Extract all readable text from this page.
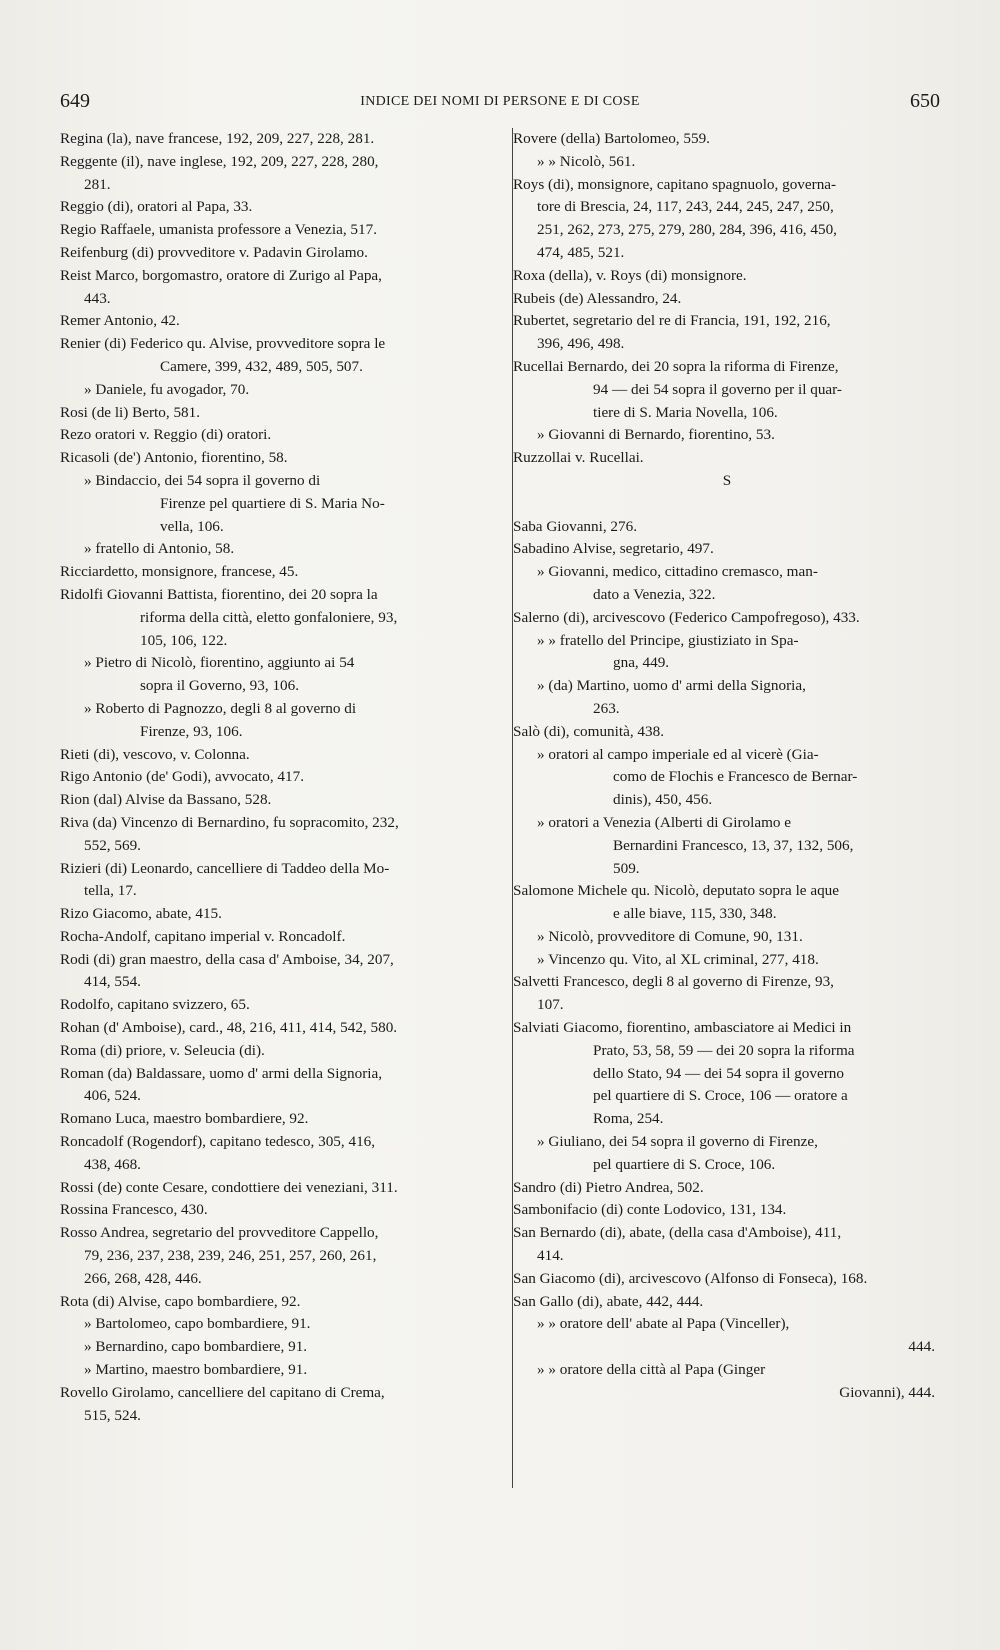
649	INDICE DEI NOMI DI PERSONE E DI COSE	650
Regina (la), nave francese, 192, 209, 227, 228, 281.
Reggente (il), nave inglese, 192, 209, 227, 228, 280,
281.
Reggio (di), oratori al Papa, 33.
Regio Raffaele, umanista professore a Venezia, 517.
Reifenburg (di) provveditore v. Padavin Girolamo.
Reist Marco, borgomastro, oratore di Zurigo al Papa,
443.
Remer Antonio, 42.
Renier (di) Federico qu. Alvise, provveditore sopra le
Camere, 399, 432, 489, 505, 507.
» Daniele, fu avogador, 70.
Rosi (de li) Berto, 581.
Rezo oratori v. Reggio (di) oratori.
Ricasoli (de') Antonio, fiorentino, 58.
» Bindaccio, dei 54 sopra il governo di
Firenze pel quartiere di S. Maria No-
vella, 106.
» fratello di Antonio, 58.
Ricciardetto, monsignore, francese, 45.
Ridolfi Giovanni Battista, fiorentino, dei 20 sopra la
riforma della città, eletto gonfaloniere, 93,
105, 106, 122.
» Pietro di Nicolò, fiorentino, aggiunto ai 54
sopra il Governo, 93, 106.
» Roberto di Pagnozzo, degli 8 al governo di
Firenze, 93, 106.
Rieti (di), vescovo, v. Colonna.
Rigo Antonio (de' Godi), avvocato, 417.
Rion (dal) Alvise da Bassano, 528.
Riva (da) Vincenzo di Bernardino, fu sopracomito, 232,
552, 569.
Rizieri (di) Leonardo, cancelliere di Taddeo della Mo-
tella, 17.
Rizo Giacomo, abate, 415.
Rocha-Andolf, capitano imperial v. Roncadolf.
Rodi (di) gran maestro, della casa d' Amboise, 34, 207,
414, 554.
Rodolfo, capitano svizzero, 65.
Rohan (d' Amboise), card., 48, 216, 411, 414, 542, 580.
Roma (di) priore, v. Seleucia (di).
Roman (da) Baldassare, uomo d' armi della Signoria,
406, 524.
Romano Luca, maestro bombardiere, 92.
Roncadolf (Rogendorf), capitano tedesco, 305, 416,
438, 468.
Rossi (de) conte Cesare, condottiere dei veneziani, 311.
Rossina Francesco, 430.
Rosso Andrea, segretario del provveditore Cappello,
79, 236, 237, 238, 239, 246, 251, 257, 260, 261,
266, 268, 428, 446.
Rota (di) Alvise, capo bombardiere, 92.
» Bartolomeo, capo bombardiere, 91.
» Bernardino, capo bombardiere, 91.
» Martino, maestro bombardiere, 91.
Rovello Girolamo, cancelliere del capitano di Crema,
515, 524.
Rovere (della) Bartolomeo, 559.
» » Nicolò, 561.
Roys (di), monsignore, capitano spagnuolo, governa-
tore di Brescia, 24, 117, 243, 244, 245, 247, 250,
251, 262, 273, 275, 279, 280, 284, 396, 416, 450,
474, 485, 521.
Roxa (della), v. Roys (di) monsignore.
Rubeis (de) Alessandro, 24.
Rubertet, segretario del re di Francia, 191, 192, 216,
396, 496, 498.
Rucellai Bernardo, dei 20 sopra la riforma di Firenze,
94 — dei 54 sopra il governo per il quar-
tiere di S. Maria Novella, 106.
» Giovanni di Bernardo, fiorentino, 53.
Ruzzollai v. Rucellai.
S
Saba Giovanni, 276.
Sabadino Alvise, segretario, 497.
» Giovanni, medico, cittadino cremasco, man-
dato a Venezia, 322.
Salerno (di), arcivescovo (Federico Campofregoso), 433.
» » fratello del Principe, giustiziato in Spa-
gna, 449.
» (da) Martino, uomo d' armi della Signoria,
263.
Salò (di), comunità, 438.
» oratori al campo imperiale ed al vicerè (Gia-
como de Flochis e Francesco de Bernar-
dinis), 450, 456.
» oratori a Venezia (Alberti di Girolamo e
Bernardini Francesco, 13, 37, 132, 506,
509.
Salomone Michele qu. Nicolò, deputato sopra le aque
e alle biave, 115, 330, 348.
» Nicolò, provveditore di Comune, 90, 131.
» Vincenzo qu. Vito, al XL criminal, 277, 418.
Salvetti Francesco, degli 8 al governo di Firenze, 93,
107.
Salviati Giacomo, fiorentino, ambasciatore ai Medici in
Prato, 53, 58, 59 — dei 20 sopra la riforma
dello Stato, 94 — dei 54 sopra il governo
pel quartiere di S. Croce, 106 — oratore a
Roma, 254.
» Giuliano, dei 54 sopra il governo di Firenze,
pel quartiere di S. Croce, 106.
Sandro (di) Pietro Andrea, 502.
Sambonifacio (di) conte Lodovico, 131, 134.
San Bernardo (di), abate, (della casa d'Amboise), 411,
414.
San Giacomo (di), arcivescovo (Alfonso di Fonseca), 168.
San Gallo (di), abate, 442, 444.
» » oratore dell' abate al Papa (Vinceller),
444.
» » oratore della città al Papa (Ginger
Giovanni), 444.
